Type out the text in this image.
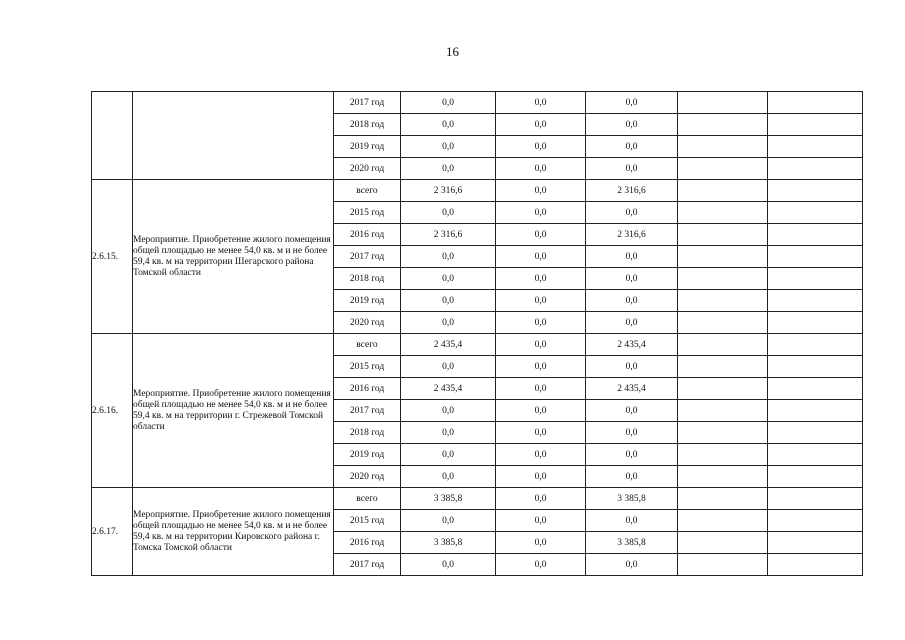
16
		2017 год	0,0	0,0	0,0		
		2018 год	0,0	0,0	0,0		
		2019 год	0,0	0,0	0,0		
		2020 год	0,0	0,0	0,0		
2.6.15.	Мероприятие. Приобретение жилого помещения общей площадью не менее 54,0 кв. м и не более 59,4 кв. м на территории Шегарского района Томской области	всего	2 316,6	0,0	2 316,6		
		2015 год	0,0	0,0	0,0		
		2016 год	2 316,6	0,0	2 316,6		
		2017 год	0,0	0,0	0,0		
		2018 год	0,0	0,0	0,0		
		2019 год	0,0	0,0	0,0		
		2020 год	0,0	0,0	0,0		
2.6.16.	Мероприятие. Приобретение жилого помещения общей площадью не менее 54,0 кв. м и не более 59,4 кв. м на территории г. Стрежевой Томской области	всего	2 435,4	0,0	2 435,4		
		2015 год	0,0	0,0	0,0		
		2016 год	2 435,4	0,0	2 435,4		
		2017 год	0,0	0,0	0,0		
		2018 год	0,0	0,0	0,0		
		2019 год	0,0	0,0	0,0		
		2020 год	0,0	0,0	0,0		
2.6.17.	Мероприятие. Приобретение жилого помещения общей площадью не менее 54,0 кв. м и не более 59,4 кв. м на территории Кировского района г. Томска Томской области	всего	3 385,8	0,0	3 385,8		
		2015 год	0,0	0,0	0,0		
		2016 год	3 385,8	0,0	3 385,8		
		2017 год	0,0	0,0	0,0		
